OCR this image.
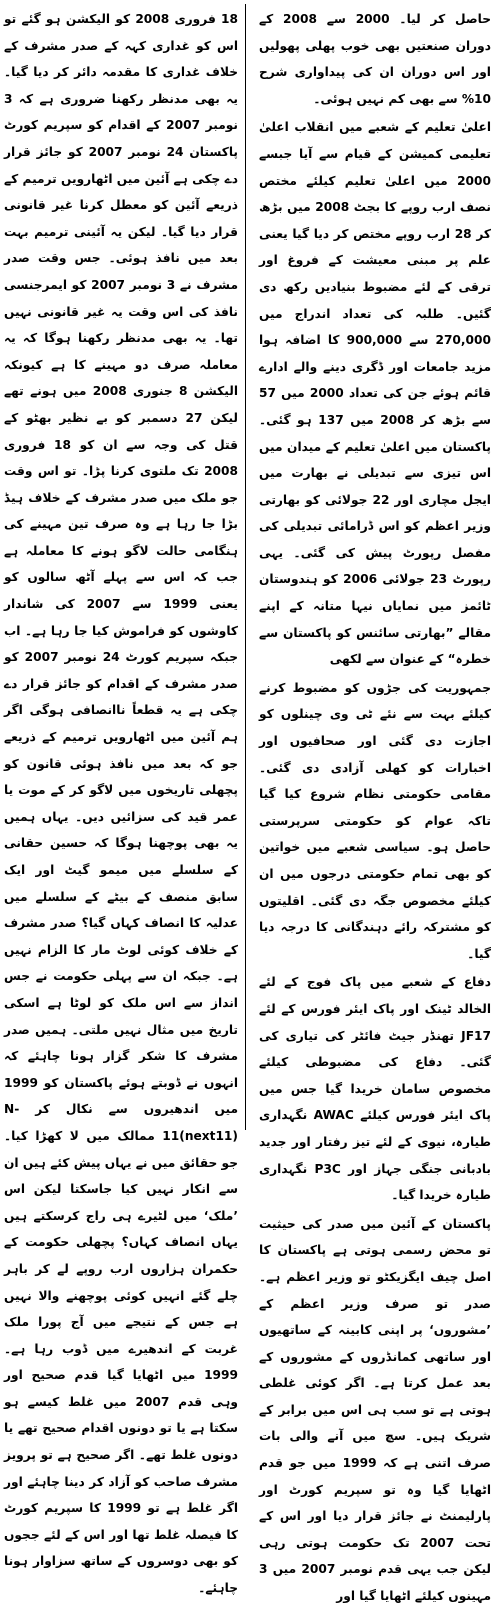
حاصل کر لیا۔ 2000 سے 2008 کے دوران صنعتیں بھی خوب پھلی پھولیں اور اس دوران ان کی پیداواری شرح 10% سے بھی کم نہیں ہوئی۔

اعلیٰ تعلیم کے شعبے میں انقلاب اعلیٰ تعلیمی کمیشن کے قیام سے آیا جبسے 2000 میں اعلیٰ تعلیم کیلئے مختص نصف ارب روپے کا بجٹ 2008 میں بڑھ کر 28 ارب روپے مختص کر دیا گیا یعنی علم پر مبنی معیشت کے فروغ اور ترقی کے لئے مضبوط بنیادیں رکھ دی گئیں۔ طلبہ کی تعداد اندراج میں 270,000 سے 900,000 کا اضافہ ہوا مزید جامعات اور ڈگری دینے والے ادارے قائم ہوئے جن کی تعداد 2000 میں 57 سے بڑھ کر 2008 میں 137 ہو گئی۔ پاکستان میں اعلیٰ تعلیم کے میدان میں اس تیزی سے تبدیلی نے بھارت میں ایجل مچاری اور 22 جولائی کو بھارتی وزیر اعظم کو اس ڈرامائی تبدیلی کی مفصل رپورٹ پیش کی گئی۔ یہی رپورٹ 23 جولائی 2006 کو ہندوستان ٹائمز میں نمایاں نیہا متانہ کے اپنے مقالے ”بھارتی سائنس کو پاکستان سے خطرہ“ کے عنوان سے لکھی

جمہوریت کی جڑوں کو مضبوط کرنے کیلئے بہت سے نئے ٹی وی چینلوں کو اجازت دی گئی اور صحافیوں اور اخبارات کو کھلی آزادی دی گئی۔ مقامی حکومتی نظام شروع کیا گیا تاکہ عوام کو حکومتی سرپرستی حاصل ہو۔ سیاسی شعبے میں خواتین کو بھی تمام حکومتی درجوں میں ان کیلئے مخصوص جگہ دی گئی۔ اقلیتوں کو مشترکہ رائے دہندگانی کا درجہ دیا گیا۔

دفاع کے شعبے میں پاک فوج کے لئے الخالد ٹینک اور پاک ایئر فورس کے لئے JF17 تھنڈر جیٹ فائٹر کی تیاری کی گئی۔ دفاع کی مضبوطی کیلئے مخصوص سامان خریدا گیا جس میں پاک ایئر فورس کیلئے AWAC نگہداری طیارہ، نیوی کے لئے تیز رفتار اور جدید بادبانی جنگی جہاز اور P3C نگہداری طیارہ خریدا گیا۔

پاکستان کے آئین میں صدر کی حیثیت تو محض رسمی ہوتی ہے پاکستان کا اصل چیف ایگزیکٹو تو وزیر اعظم ہے۔ صدر تو صرف وزیر اعظم کے ’مشوروں‘ پر اپنی کابینہ کے ساتھیوں اور ساتھی کمانڈروں کے مشوروں کے بعد عمل کرتا ہے۔ اگر کوئی غلطی ہوتی ہے تو سب ہی اس میں برابر کے شریک ہیں۔ سچ میں آنے والی بات صرف اتنی ہے کہ 1999 میں جو قدم اٹھایا گیا وہ تو سپریم کورٹ اور پارلیمنٹ نے جائز قرار دیا اور اس کے تحت 2007 تک حکومت ہوتی رہی لیکن جب یہی قدم نومبر 2007 میں 3 مہینوں کیلئے اٹھایا گیا اور

18 فروری 2008 کو الیکشن ہو گئے تو اس کو غداری کہہ کے صدر مشرف کے خلاف غداری کا مقدمہ دائر کر دیا گیا۔ یہ بھی مدنظر رکھنا ضروری ہے کہ 3 نومبر 2007 کے اقدام کو سپریم کورٹ پاکستان 24 نومبر 2007 کو جائز قرار دے چکی ہے آئین میں اٹھارویں ترمیم کے ذریعے آئین کو معطل کرنا غیر قانونی قرار دیا گیا۔ لیکن یہ آئینی ترمیم بہت بعد میں نافذ ہوئی۔ جس وقت صدر مشرف نے 3 نومبر 2007 کو ایمرجنسی نافذ کی اس وقت یہ غیر قانونی نہیں تھا۔ یہ بھی مدنظر رکھنا ہوگا کہ یہ معاملہ صرف دو مہینے کا ہے کیونکہ الیکشن 8 جنوری 2008 میں ہونے تھے لیکن 27 دسمبر کو بے نظیر بھٹو کے قتل کی وجہ سے ان کو 18 فروری 2008 تک ملتوی کرنا پڑا۔ تو اس وقت جو ملک میں صدر مشرف کے خلاف ہیڈ بڑا جا رہا ہے وہ صرف تین مہینے کی ہنگامی حالت لاگو ہونے کا معاملہ ہے جب کہ اس سے پہلے آٹھ سالوں کو یعنی 1999 سے 2007 کی شاندار کاوشوں کو فراموش کیا جا رہا ہے۔ اب جبکہ سپریم کورٹ 24 نومبر 2007 کو صدر مشرف کے اقدام کو جائز قرار دے چکی ہے یہ قطعاً ناانصافی ہوگی اگر ہم آئین میں اٹھارویں ترمیم کے ذریعے جو کہ بعد میں نافذ ہوئی قانون کو پچھلی تاریخوں میں لاگو کر کے موت یا عمر قید کی سزائیں دیں۔ یہاں ہمیں یہ بھی پوچھنا ہوگا کہ حسین حقانی کے سلسلے میں میمو گیٹ اور ایک سابق منصف کے بیٹے کے سلسلے میں عدلیہ کا انصاف کہاں گیا؟ صدر مشرف کے خلاف کوئی لوٹ مار کا الزام نہیں ہے۔ جبکہ ان سے پہلی حکومت نے جس انداز سے اس ملک کو لوٹا ہے اسکی تاریخ میں مثال نہیں ملتی۔ ہمیں صدر مشرف کا شکر گزار ہونا چاہئے کہ انہوں نے ڈوبتے ہوئے پاکستان کو 1999 میں اندھیروں سے نکال کر N-11(next11) ممالک میں لا کھڑا کیا۔ جو حقائق میں نے یہاں پیش کئے ہیں ان سے انکار نہیں کیا جاسکتا لیکن اس ’ملک‘ میں لٹیرے ہی راج کرسکتے ہیں یہاں انصاف کہاں؟ پچھلی حکومت کے حکمران ہزاروں ارب روپے لے کر باہر چلے گئے انہیں کوئی پوچھنے والا نہیں ہے جس کے نتیجے میں آج پورا ملک غربت کے اندھیرے میں ڈوب رہا ہے۔ 1999 میں اٹھایا گیا قدم صحیح اور وہی قدم 2007 میں غلط کیسے ہو سکتا ہے یا تو دونوں اقدام صحیح تھے یا دونوں غلط تھے۔ اگر صحیح ہے تو پرویز مشرف صاحب کو آزاد کر دینا چاہئے اور اگر غلط ہے تو 1999 کا سپریم کورٹ کا فیصلہ غلط تھا اور اس کے لئے ججوں کو بھی دوسروں کے ساتھ سزاوار ہونا چاہئے۔
